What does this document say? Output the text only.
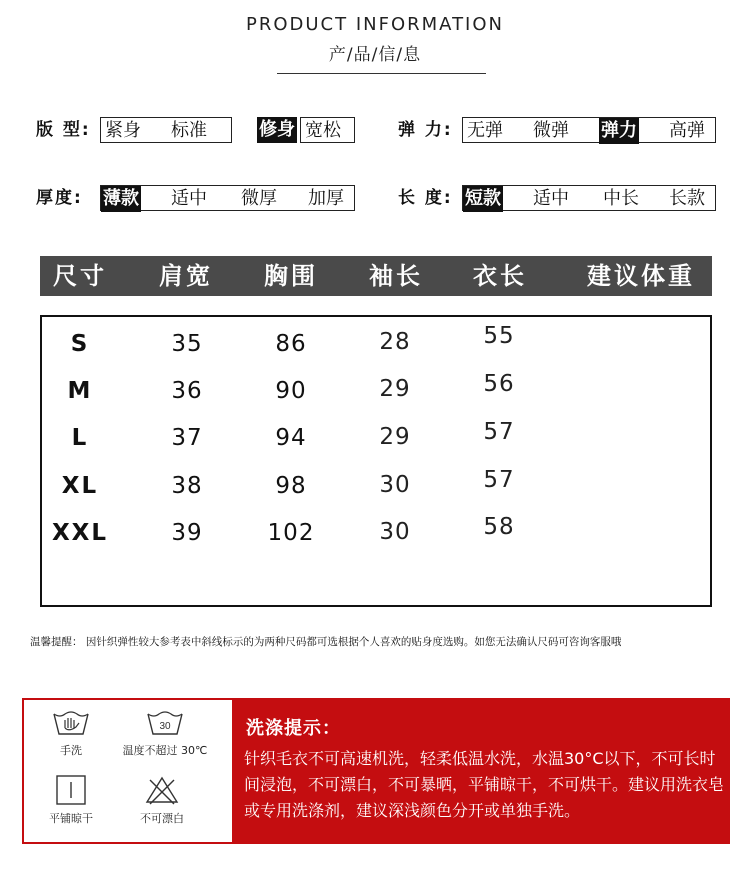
PRODUCT INFORMATION
产/品/信/息
版 型: 紧身 标准	修身 宽松	弹 力: 无弹 微弹 弹力 高弹
厚度: 薄款 适中 微厚 加厚	长 度: 短款 适中 中长 长款
尺寸 肩宽 胸围 袖长 衣长	建议体重
S	35	86	28	55
M	36	90	29	56
L	37	94	29	57
XL	38	98	30	57
XXL	39	102	30	58
温馨提醒： 因针织弹性较大参考表中斜线标示的为两种尺码都可选根据个人喜欢的贴身度选购。如您无法确认尺码可咨询客服哦
手洗
30
温度不超过 30℃
平铺晾干	不可漂白
洗涤提示：
针织毛衣不可高速机洗，轻柔低温水洗，水温30°C以下，不可长时间浸泡，不可漂白，不可暴晒，平铺晾干，不可烘干。建议用洗衣皂或专用洗涤剂，建议深浅颜色分开或单独手洗。
